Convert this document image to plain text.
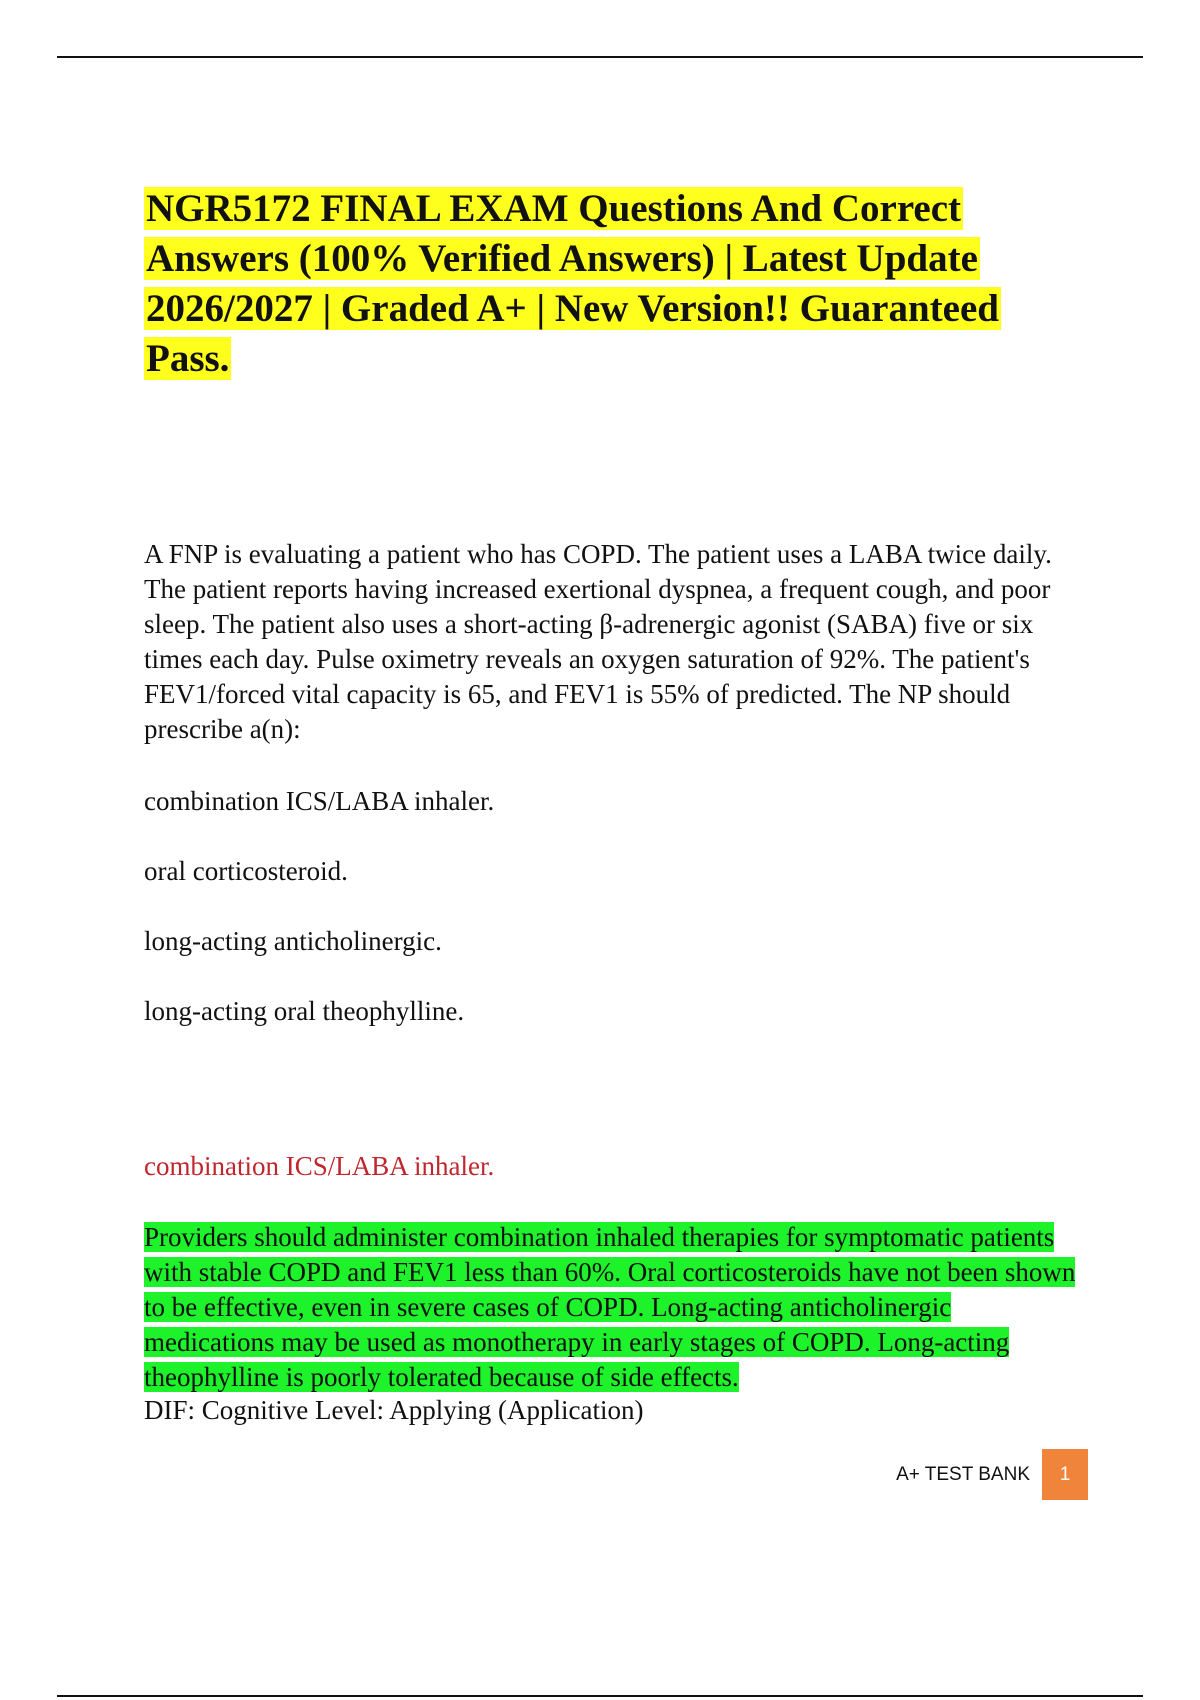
NGR5172 FINAL EXAM Questions And Correct Answers (100% Verified Answers) | Latest Update 2026/2027 | Graded A+ | New Version!! Guaranteed Pass.

A FNP is evaluating a patient who has COPD. The patient uses a LABA twice daily. The patient reports having increased exertional dyspnea, a frequent cough, and poor sleep. The patient also uses a short-acting β-adrenergic agonist (SABA) five or six times each day. Pulse oximetry reveals an oxygen saturation of 92%. The patient's FEV1/forced vital capacity is 65, and FEV1 is 55% of predicted. The NP should prescribe a(n):

combination ICS/LABA inhaler.

oral corticosteroid.

long-acting anticholinergic.

long-acting oral theophylline.

combination ICS/LABA inhaler.

Providers should administer combination inhaled therapies for symptomatic patients with stable COPD and FEV1 less than 60%. Oral corticosteroids have not been shown to be effective, even in severe cases of COPD. Long-acting anticholinergic medications may be used as monotherapy in early stages of COPD. Long-acting theophylline is poorly tolerated because of side effects.

DIF: Cognitive Level: Applying (Application)

A+ TEST BANK	1
